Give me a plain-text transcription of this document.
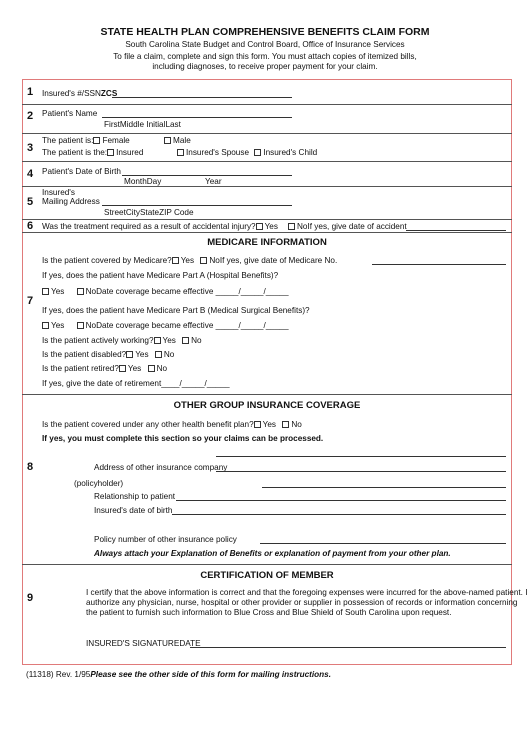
STATE HEALTH PLAN COMPREHENSIVE BENEFITS CLAIM FORM
South Carolina State Budget and Control Board, Office of Insurance Services
To file a claim, complete and sign this form. You must attach copies of itemized bills,
including diagnoses, to receive proper payment for your claim.
1 Insured's #/SSNZCS
2 Patient's Name
FirstMiddle InitialLast
3
The patient is: Female	Male
The patient is the: Insured	Insured's Spouse Insured's Child
4 Patient's Date of Birth
MonthDay	Year
5
Insured's
Mailing Address
StreetCityStateZIP Code
6 Was the treatment required as a result of accidental injury? Yes	NoIf yes, give date of accident
MEDICARE INFORMATION
7
Is the patient covered by Medicare? Yes NoIf yes, give date of Medicare No.
If yes, does the patient have Medicare Part A (Hospital Benefits)?
Yes	NoDate coverage became effective _____/_____/_____
If yes, does the patient have Medicare Part B (Medical Surgical Benefits)?
Yes	NoDate coverage became effective _____/_____/_____
Is the patient actively working? Yes No
Is the patient disabled? Yes No
Is the patient retired? Yes No
If yes, give the date of retirement____/_____/_____
OTHER GROUP INSURANCE COVERAGE
8
Is the patient covered under any other health benefit plan? Yes No
If yes, you must complete this section so your claims can be processed.
Address of other insurance company
(policyholder)
Relationship to patient
Insured's date of birth
Policy number of other insurance policy
Always attach your Explanation of Benefits or explanation of payment from your other plan.
CERTIFICATION OF MEMBER
9	I certify that the above information is correct and that the foregoing expenses were incurred for the above-named patient. I
authorize any physician, nurse, hospital or other provider or supplier in possession of records or information concerning
the patient to furnish such information to Blue Cross and Blue Shield of South Carolina upon request.
INSURED'S SIGNATUREDATE
(11318) Rev. 1/95Please see the other side of this form for mailing instructions.
